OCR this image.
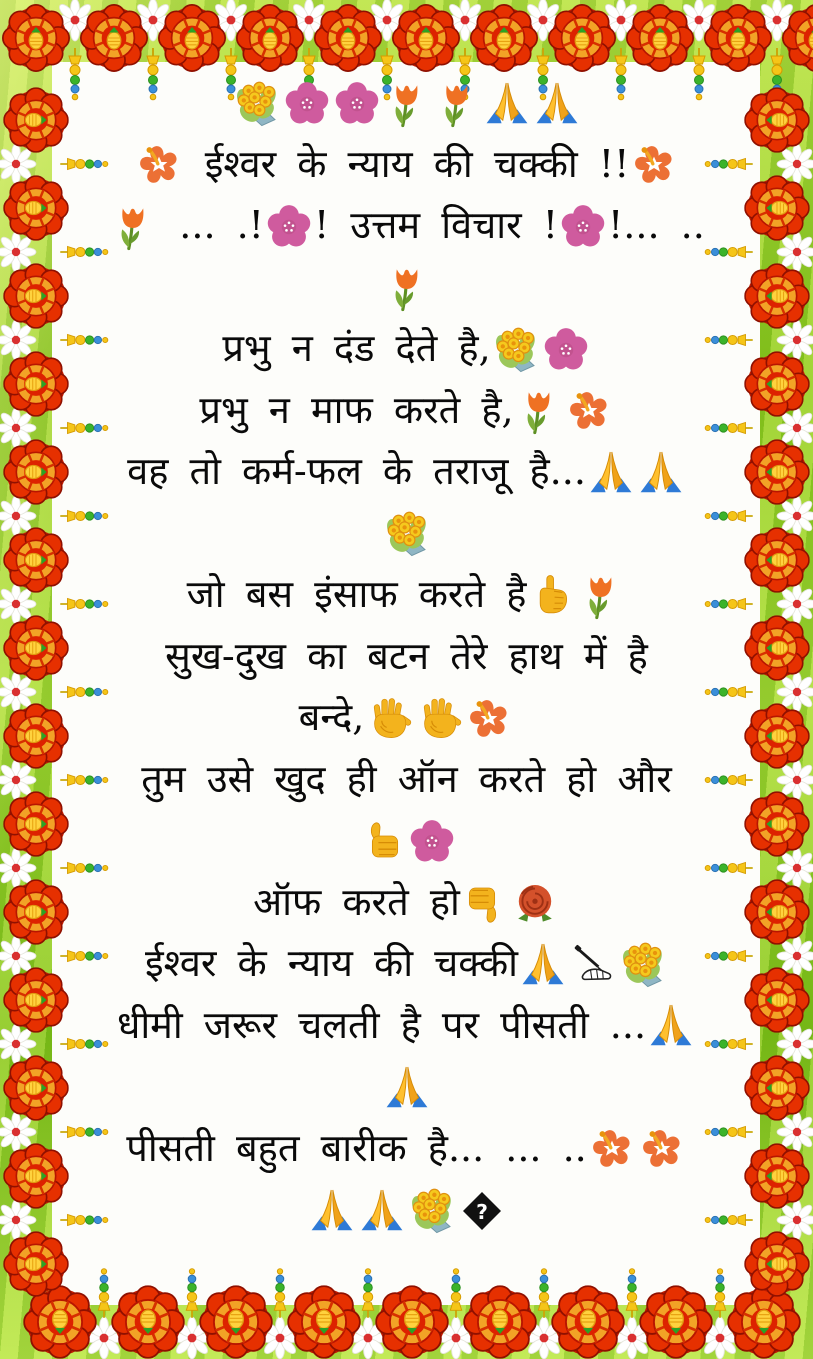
ईश्वर के न्याय की चक्की !!
... .! ! उत्तम विचार ! !... ..
प्रभु न दंड देते है,
प्रभु न माफ करते है,
वह तो कर्म-फल के तराजू है...
जो बस इंसाफ करते है
सुख-दुख का बटन तेरे हाथ में है
बन्दे,
तुम उसे खुद ही ऑन करते हो और
ऑफ करते हो
ईश्वर के न्याय की चक्की
धीमी जरूर चलती है पर पीसती ...
पीसती बहुत बारीक है... ... ..
